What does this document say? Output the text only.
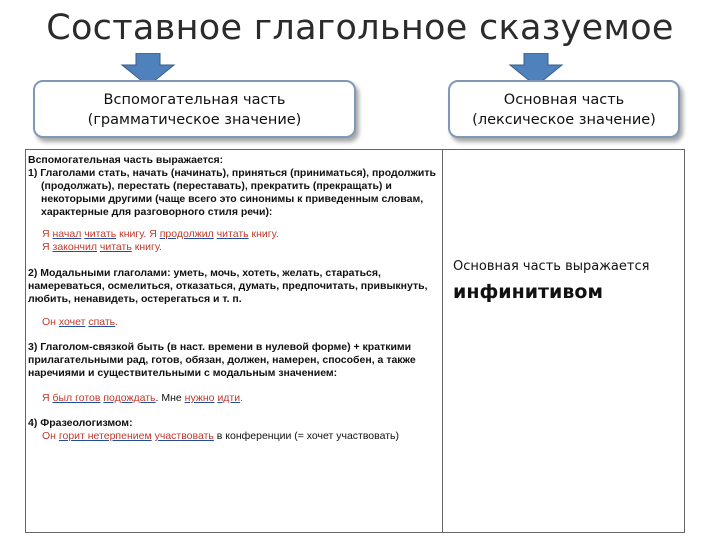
Составное глагольное сказуемое
Вспомогательная часть
(грамматическое значение)
Основная часть
(лексическое значение)

Вспомогательная часть выражается:

1) Глаголами стать, начать (начинать), приняться (приниматься), продолжить (продолжать), перестать (переставать), прекратить (прекращать) и некоторыми другими (чаще всего это синонимы к приведенным словам, характерные для разговорного стиля речи):

Я начал читать книгу. Я продолжил читать книгу.

Я закончил читать книгу.

2) Модальными глаголами: уметь, мочь, хотеть, желать, стараться, намереваться, осмелиться, отказаться, думать, предпочитать, привыкнуть, любить, ненавидеть, остерегаться и т. п.

Он хочет спать.

3) Глаголом-связкой быть (в наст. времени в нулевой форме) + краткими прилагательными рад, готов, обязан, должен, намерен, способен, а также наречиями и существительными с модальным значением:

Я был готов подождать. Мне нужно идти.

4) Фразеологизмом:

Он горит нетерпением участвовать в конференции (= хочет участвовать)

Основная часть выражается
инфинитивом
